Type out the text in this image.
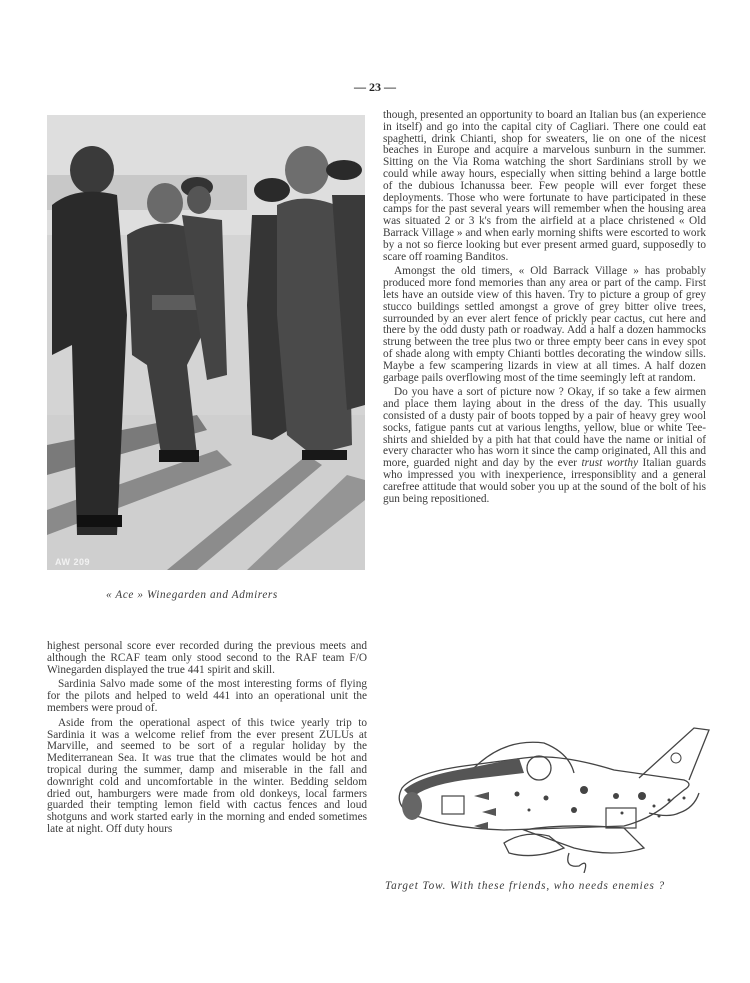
— 23 —
AW 209
« Ace » Winegarden and Admirers

highest personal score ever recorded during the previous meets and although the RCAF team only stood second to the RAF team F/O Winegarden displayed the true 441 spirit and skill.

Sardinia Salvo made some of the most interesting forms of flying for the pilots and helped to weld 441 into an operational unit the members were proud of.

Aside from the operational aspect of this twice yearly trip to Sardinia it was a welcome relief from the ever present ZULUs at Marville, and seemed to be sort of a regular holiday by the Mediterranean Sea. It was true that the climates would be hot and tropical during the summer, damp and miserable in the fall and downright cold and uncomfortable in the winter. Bedding seldom dried out, hamburgers were made from old donkeys, local farmers guarded their tempting lemon field with cactus fences and loud shotguns and work started early in the morning and ended sometimes late at night. Off duty hours

though, presented an opportunity to board an Italian bus (an experience in itself) and go into the capital city of Cagliari. There one could eat spaghetti, drink Chianti, shop for sweaters, lie on one of the nicest beaches in Europe and acquire a marvelous sunburn in the summer. Sitting on the Via Roma watching the short Sardinians stroll by we could while away hours, especially when sitting behind a large bottle of the dubious Ichanussa beer. Few people will ever forget these deployments. Those who were fortunate to have participated in these camps for the past several years will remember when the housing area was situated 2 or 3 k's from the airfield at a place christened « Old Barrack Village » and when early morning shifts were escorted to work by a not so fierce looking but ever present armed guard, supposedly to scare off roaming Banditos.

Amongst the old timers, « Old Barrack Village » has probably produced more fond memories than any area or part of the camp. First lets have an outside view of this haven. Try to picture a group of grey stucco buildings settled amongst a grove of grey bitter olive trees, surrounded by an ever alert fence of prickly pear cactus, cut here and there by the odd dusty path or roadway. Add a half a dozen hammocks strung between the tree plus two or three empty beer cans in evey spot of shade along with empty Chianti bottles decorating the window sills. Maybe a few scampering lizards in view at all times. A half dozen garbage pails overflowing most of the time seemingly left at random.

Do you have a sort of picture now ? Okay, if so take a few airmen and place them laying about in the dress of the day. This usually consisted of a dusty pair of boots topped by a pair of heavy grey wool socks, fatigue pants cut at various lengths, yellow, blue or white Tee-shirts and shielded by a pith hat that could have the name or initial of every character who has worn it since the camp originated, All this and more, guarded night and day by the ever trust worthy Italian guards who impressed you with inexperience, irresponsiblity and a general carefree attitude that would sober you up at the sound of the bolt of his gun being repositioned.

Target Tow. With these friends, who needs enemies ?
